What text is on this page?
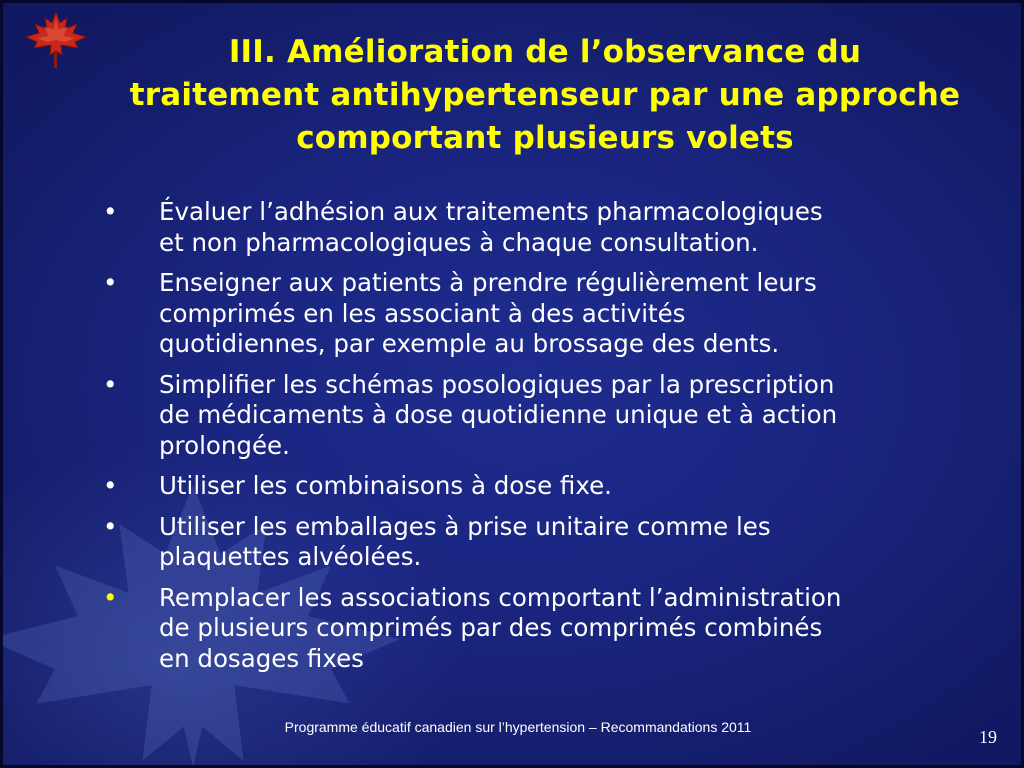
III. Amélioration de l’observance du
traitement antihypertenseur par une approche
comportant plusieurs volets
• Évaluer l’adhésion aux traitements pharmacologiques
et non pharmacologiques à chaque consultation.
• Enseigner aux patients à prendre régulièrement leurs
comprimés en les associant à des activités
quotidiennes, par exemple au brossage des dents.
• Simplifier les schémas posologiques par la prescription
de médicaments à dose quotidienne unique et à action
prolongée.
• Utiliser les combinaisons à dose fixe.
• Utiliser les emballages à prise unitaire comme les
plaquettes alvéolées.
• Remplacer les associations comportant l’administration
de plusieurs comprimés par des comprimés combinés
en dosages fixes
Programme éducatif canadien sur l’hypertension – Recommandations 2011	19
